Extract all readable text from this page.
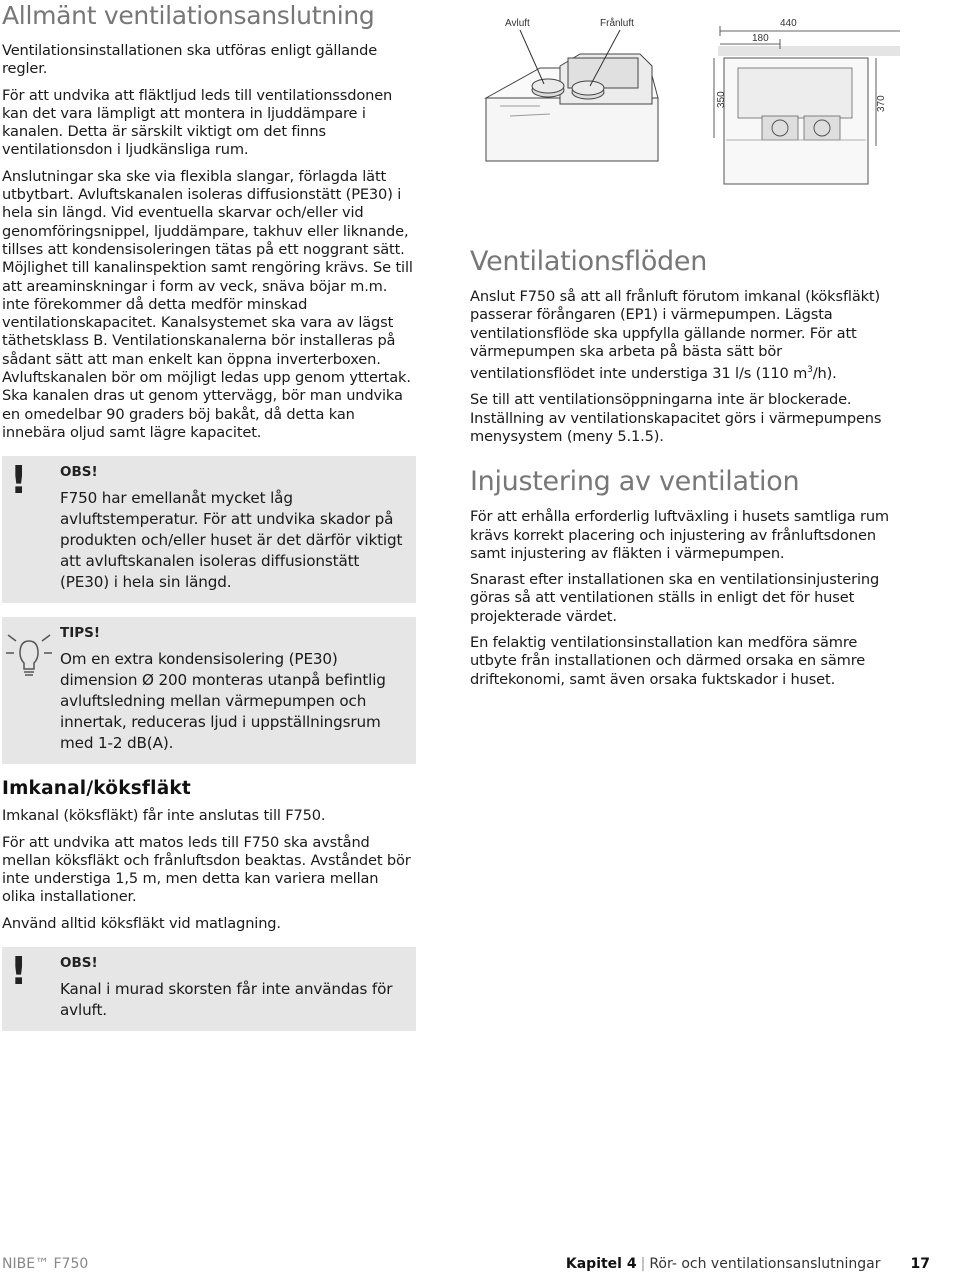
Allmänt ventilationsanslutning

Ventilationsinstallationen ska utföras enligt gällande regler.

För att undvika att fläktljud leds till ventilationssdonen kan det vara lämpligt att montera in ljuddämpare i kanalen. Detta är särskilt viktigt om det finns ventilationsdon i ljudkänsliga rum.

Anslutningar ska ske via flexibla slangar, förlagda lätt utbytbart. Avluftskanalen isoleras diffusionstätt (PE30) i hela sin längd. Vid eventuella skarvar och/eller vid genomföringsnippel, ljuddämpare, takhuv eller liknande, tillses att kondensisoleringen tätas på ett noggrant sätt. Möjlighet till kanalinspektion samt rengöring krävs. Se till att areaminskningar i form av veck, snäva böjar m.m. inte förekommer då detta medför minskad ventilationskapacitet. Kanalsystemet ska vara av lägst täthetsklass B. Ventilationskanalerna bör installeras på sådant sätt att man enkelt kan öppna inverterboxen. Avluftskanalen bör om möjligt ledas upp genom yttertak. Ska kanalen dras ut genom yttervägg, bör man undvika en omedelbar 90 graders böj bakåt, då detta kan innebära oljud samt lägre kapacitet.

! OBS!

F750 har emellanåt mycket låg avluftstemperatur. För att undvika skador på produkten och/eller huset är det därför viktigt att avluftskanalen isoleras diffusionstätt (PE30) i hela sin längd.

TIPS!

Om en extra kondensisolering (PE30) dimension Ø 200 monteras utanpå befintlig avluftsledning mellan värmepumpen och innertak, reduceras ljud i uppställningsrum med 1-2 dB(A).

Imkanal/köksfläkt

Imkanal (köksfläkt) får inte anslutas till F750.

För att undvika att matos leds till F750 ska avstånd mellan köksfläkt och frånluftsdon beaktas. Avståndet bör inte understiga 1,5 m, men detta kan variera mellan olika installationer.

Använd alltid köksfläkt vid matlagning.

! OBS!

Kanal i murad skorsten får inte användas för avluft.

Avluft	Frånluft	440
180
350	370
Ventilationsflöden

Anslut F750 så att all frånluft förutom imkanal (köksfläkt) passerar förångaren (EP1) i värmepumpen. Lägsta ventilationsflöde ska uppfylla gällande normer. För att värmepumpen ska arbeta på bästa sätt bör ventilationsflödet inte understiga 31 l/s (110 $m^3/h$).

Se till att ventilationsöppningarna inte är blockerade. Inställning av ventilationskapacitet görs i värmepumpens menysystem (meny 5.1.5).

Injustering av ventilation

För att erhålla erforderlig luftväxling i husets samtliga rum krävs korrekt placering och injustering av frånluftsdonen samt injustering av fläkten i värmepumpen.

Snarast efter installationen ska en ventilationsinjustering göras så att ventilationen ställs in enligt det för huset projekterade värdet.

En felaktig ventilationsinstallation kan medföra sämre utbyte från installationen och därmed orsaka en sämre driftekonomi, samt även orsaka fuktskador i huset.

NIBE™ F750	Kapitel 4 | Rör- och ventilationsanslutningar 17
